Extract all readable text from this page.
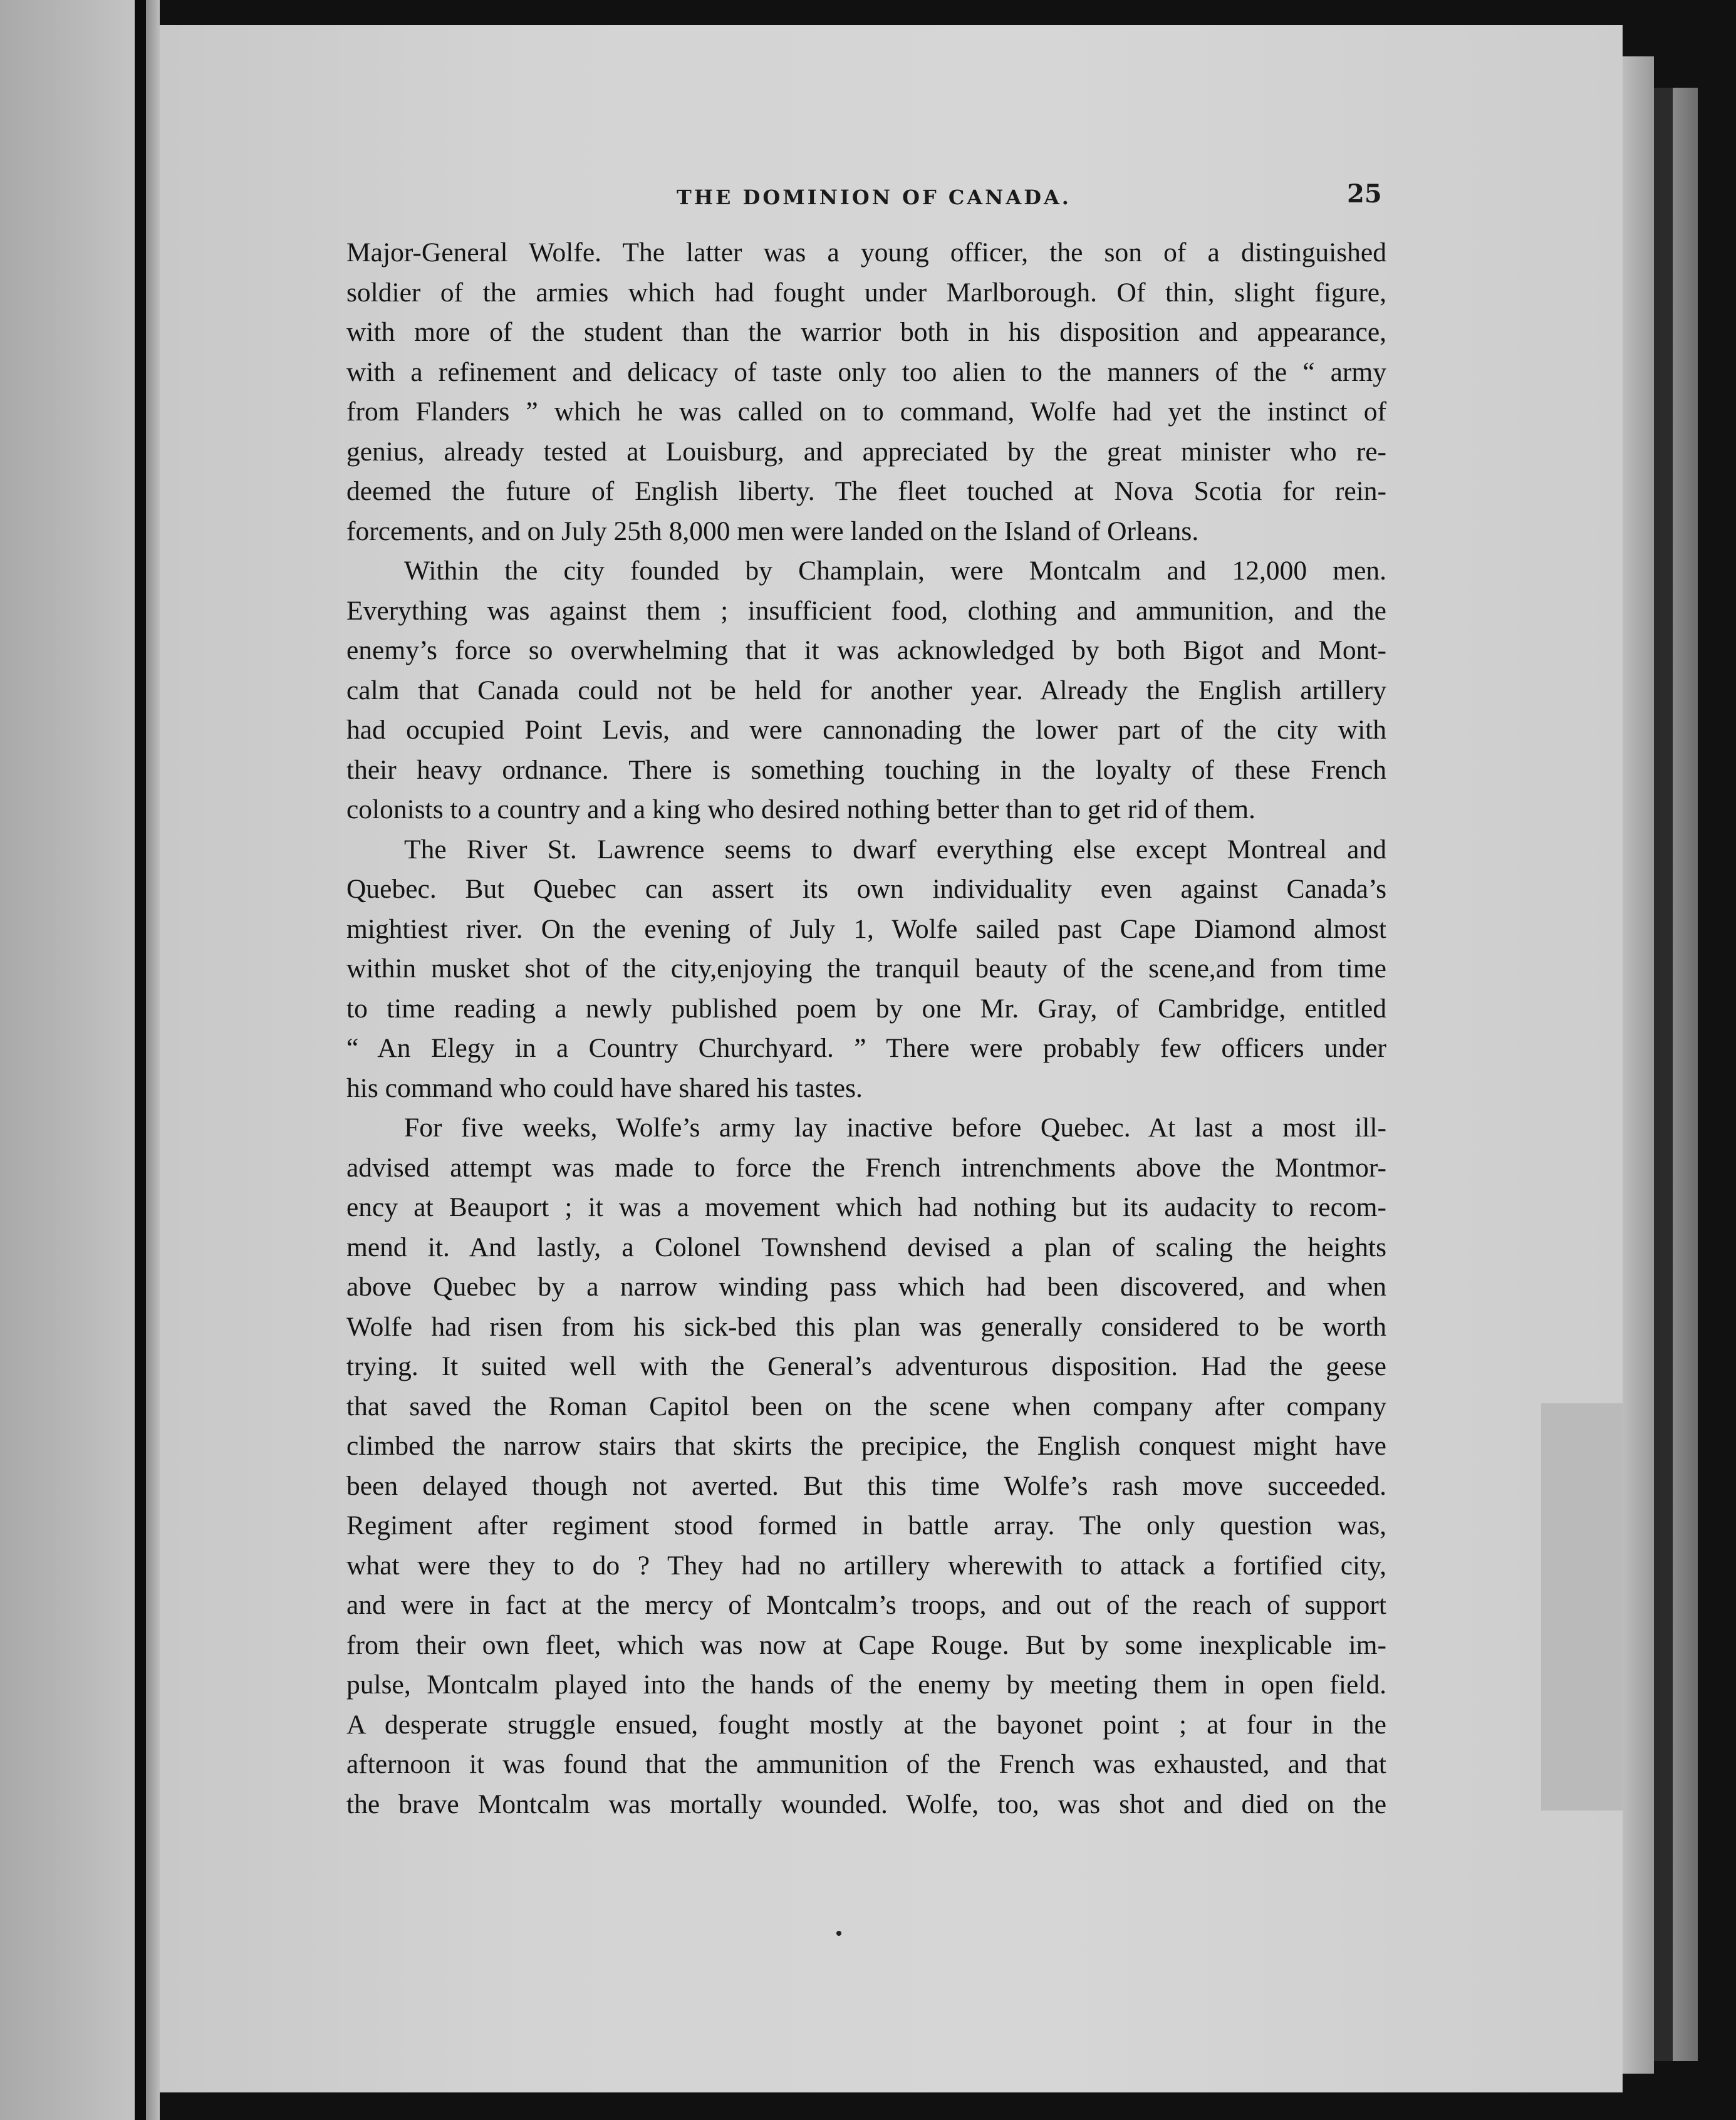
THE DOMINION OF CANADA.	25
Major-General Wolfe. The latter was a young officer, the son of a distinguished
soldier of the armies which had fought under Marlborough. Of thin, slight figure,
with more of the student than the warrior both in his disposition and appearance,
with a refinement and delicacy of taste only too alien to the manners of the “ army
from Flanders ” which he was called on to command, Wolfe had yet the instinct of
genius, already tested at Louisburg, and appreciated by the great minister who re-
deemed the future of English liberty. The fleet touched at Nova Scotia for rein-
forcements, and on July 25th 8,000 men were landed on the Island of Orleans.
Within the city founded by Champlain, were Montcalm and 12,000 men.
Everything was against them ; insufficient food, clothing and ammunition, and the
enemy’s force so overwhelming that it was acknowledged by both Bigot and Mont-
calm that Canada could not be held for another year. Already the English artillery
had occupied Point Levis, and were cannonading the lower part of the city with
their heavy ordnance. There is something touching in the loyalty of these French
colonists to a country and a king who desired nothing better than to get rid of them.
The River St. Lawrence seems to dwarf everything else except Montreal and
Quebec. But Quebec can assert its own individuality even against Canada’s
mightiest river. On the evening of July 1, Wolfe sailed past Cape Diamond almost
within musket shot of the city,enjoying the tranquil beauty of the scene,and from time
to time reading a newly published poem by one Mr. Gray, of Cambridge, entitled
“ An Elegy in a Country Churchyard. ” There were probably few officers under
his command who could have shared his tastes.
For five weeks, Wolfe’s army lay inactive before Quebec. At last a most ill-
advised attempt was made to force the French intrenchments above the Montmor-
ency at Beauport ; it was a movement which had nothing but its audacity to recom-
mend it. And lastly, a Colonel Townshend devised a plan of scaling the heights
above Quebec by a narrow winding pass which had been discovered, and when
Wolfe had risen from his sick-bed this plan was generally considered to be worth
trying. It suited well with the General’s adventurous disposition. Had the geese
that saved the Roman Capitol been on the scene when company after company
climbed the narrow stairs that skirts the precipice, the English conquest might have
been delayed though not averted. But this time Wolfe’s rash move succeeded.
Regiment after regiment stood formed in battle array. The only question was,
what were they to do ? They had no artillery wherewith to attack a fortified city,
and were in fact at the mercy of Montcalm’s troops, and out of the reach of support
from their own fleet, which was now at Cape Rouge. But by some inexplicable im-
pulse, Montcalm played into the hands of the enemy by meeting them in open field.
A desperate struggle ensued, fought mostly at the bayonet point ; at four in the
afternoon it was found that the ammunition of the French was exhausted, and that
the brave Montcalm was mortally wounded. Wolfe, too, was shot and died on the
